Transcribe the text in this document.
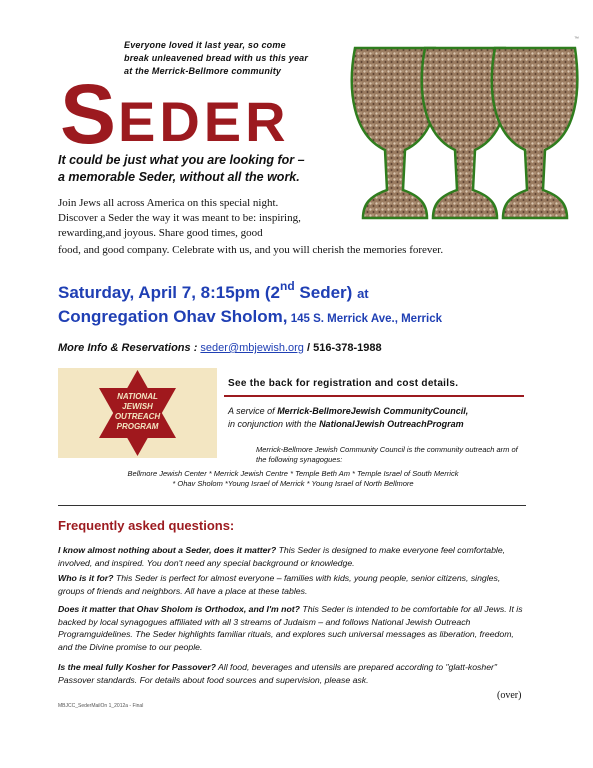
Everyone loved it last year, so come
break unleavened bread with us this year
at the Merrick-Bellmore community
™
S EDER
It could be just what you are looking for –
a memorable Seder, without all the work.
Join Jews all across America on this special night.
Discover a Seder the way it was meant to be: inspiring,
rewarding,and joyous. Share good times, good
food, and good company. Celebrate with us, and you will cherish the memories forever.
Saturday, April 7, 8:15pm (2nd Seder) at
Congregation Ohav Sholom, 145 S. Merrick Ave., Merrick
More Info & Reservations : seder@mbjewish.org / 516-378-1988
NATIONAL
JEWISH
OUTREACH
PROGRAM
See the back for registration and cost details.
A service of Merrick-BellmoreJewish CommunityCouncil,
in conjunction with the NationalJewish OutreachProgram
Merrick-Bellmore Jewish Community Council is the community outreach arm of the following synagogues:
Bellmore Jewish Center * Merrick Jewish Centre * Temple Beth Am * Temple Israel of South Merrick
* Ohav Sholom *Young Israel of Merrick * Young Israel of North Bellmore
Frequently asked questions:
I know almost nothing about a Seder, does it matter? This Seder is designed to make everyone feel comfortable, involved, and inspired. You don't need any special background or knowledge.
Who is it for? This Seder is perfect for almost everyone – families with kids, young people, senior citizens, singles, groups of friends and neighbors. All have a place at these tables.
Does it matter that Ohav Sholom is Orthodox, and I'm not? This Seder is intended to be comfortable for all Jews. It is backed by local synagogues affiliated with all 3 streams of Judaism – and follows National Jewish Outreach Programguidelines. The Seder highlights familiar rituals, and explores such universal messages as liberation, freedom, and the Divine promise to our people.
Is the meal fully Kosher for Passover? All food, beverages and utensils are prepared according to "glatt-kosher" Passover standards. For details about food sources and supervision, please ask.
(over)
MBJCC_SederMailOn 1_2012a - Final
